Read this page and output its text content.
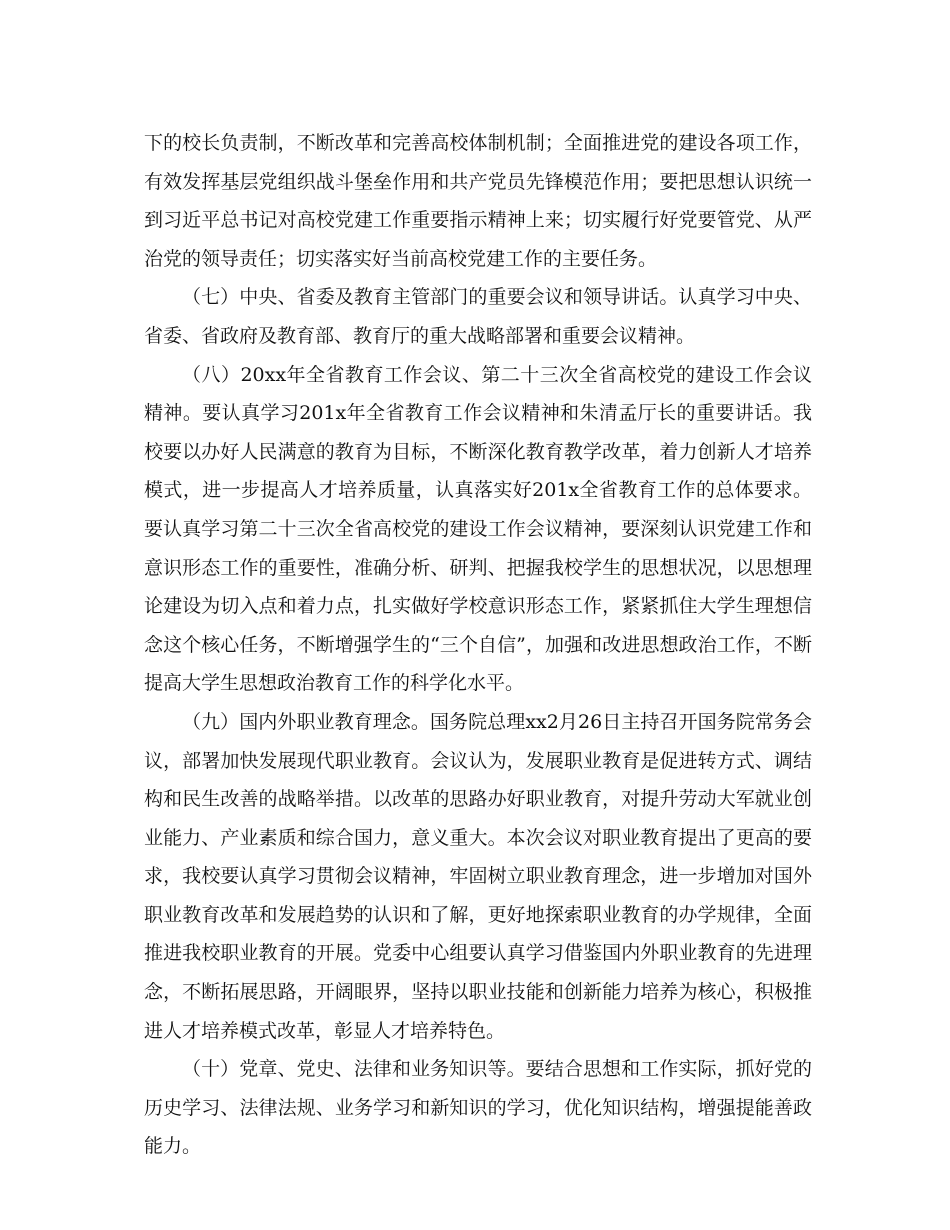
下的校长负责制，不断改革和完善高校体制机制；全面推进党的建设各项工作，有效发挥基层党组织战斗堡垒作用和共产党员先锋模范作用；要把思想认识统一到习近平总书记对高校党建工作重要指示精神上来；切实履行好党要管党、从严治党的领导责任；切实落实好当前高校党建工作的主要任务。

（七）中央、省委及教育主管部门的重要会议和领导讲话。认真学习中央、省委、省政府及教育部、教育厅的重大战略部署和重要会议精神。

（八）20xx年全省教育工作会议、第二十三次全省高校党的建设工作会议精神。要认真学习201x年全省教育工作会议精神和朱清孟厅长的重要讲话。我校要以办好人民满意的教育为目标，不断深化教育教学改革，着力创新人才培养模式，进一步提高人才培养质量，认真落实好201x全省教育工作的总体要求。要认真学习第二十三次全省高校党的建设工作会议精神，要深刻认识党建工作和意识形态工作的重要性，准确分析、研判、把握我校学生的思想状况，以思想理论建设为切入点和着力点，扎实做好学校意识形态工作，紧紧抓住大学生理想信念这个核心任务，不断增强学生的“三个自信”，加强和改进思想政治工作，不断提高大学生思想政治教育工作的科学化水平。

（九）国内外职业教育理念。国务院总理xx2月26日主持召开国务院常务会议，部署加快发展现代职业教育。会议认为，发展职业教育是促进转方式、调结构和民生改善的战略举措。以改革的思路办好职业教育，对提升劳动大军就业创业能力、产业素质和综合国力，意义重大。本次会议对职业教育提出了更高的要求，我校要认真学习贯彻会议精神，牢固树立职业教育理念，进一步增加对国外职业教育改革和发展趋势的认识和了解，更好地探索职业教育的办学规律，全面推进我校职业教育的开展。党委中心组要认真学习借鉴国内外职业教育的先进理念，不断拓展思路，开阔眼界，坚持以职业技能和创新能力培养为核心，积极推进人才培养模式改革，彰显人才培养特色。

（十）党章、党史、法律和业务知识等。要结合思想和工作实际，抓好党的历史学习、法律法规、业务学习和新知识的学习，优化知识结构，增强提能善政能力。
